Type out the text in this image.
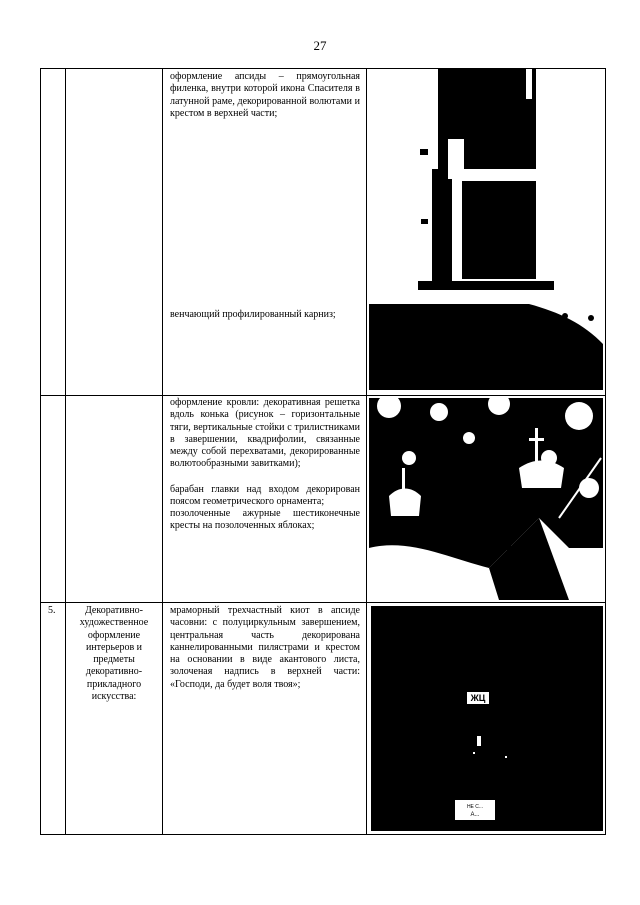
27
оформление апсиды – прямоугольная филенка, внутри которой икона Спасителя в латунной раме, декорированной волютами и крестом в верхней части;
венчающий профилированный карниз;
оформление кровли: декоративная решетка вдоль конька (рисунок – горизонтальные тяги, вертикальные стойки с трилистниками в завершении, квадрифолии, связанные между собой перехватами, декорированные волютообразными завитками);
барабан главки над входом декорирован поясом геометрического орнамента;
позолоченные ажурные шестиконечные кресты на позолоченных яблоках;
5.	Декоративно-художественное оформление интерьеров и предметы декоративно-прикладного искусства:
мраморный трехчастный киот в апсиде часовни: с полуциркульным завершением, центральная часть декорирована каннелированными пилястрами и крестом на основании в виде акантового листа, золоченая надпись в верхней части: «Господи, да будет воля твоя»;
ЖЦ
НЕ С...
А...
